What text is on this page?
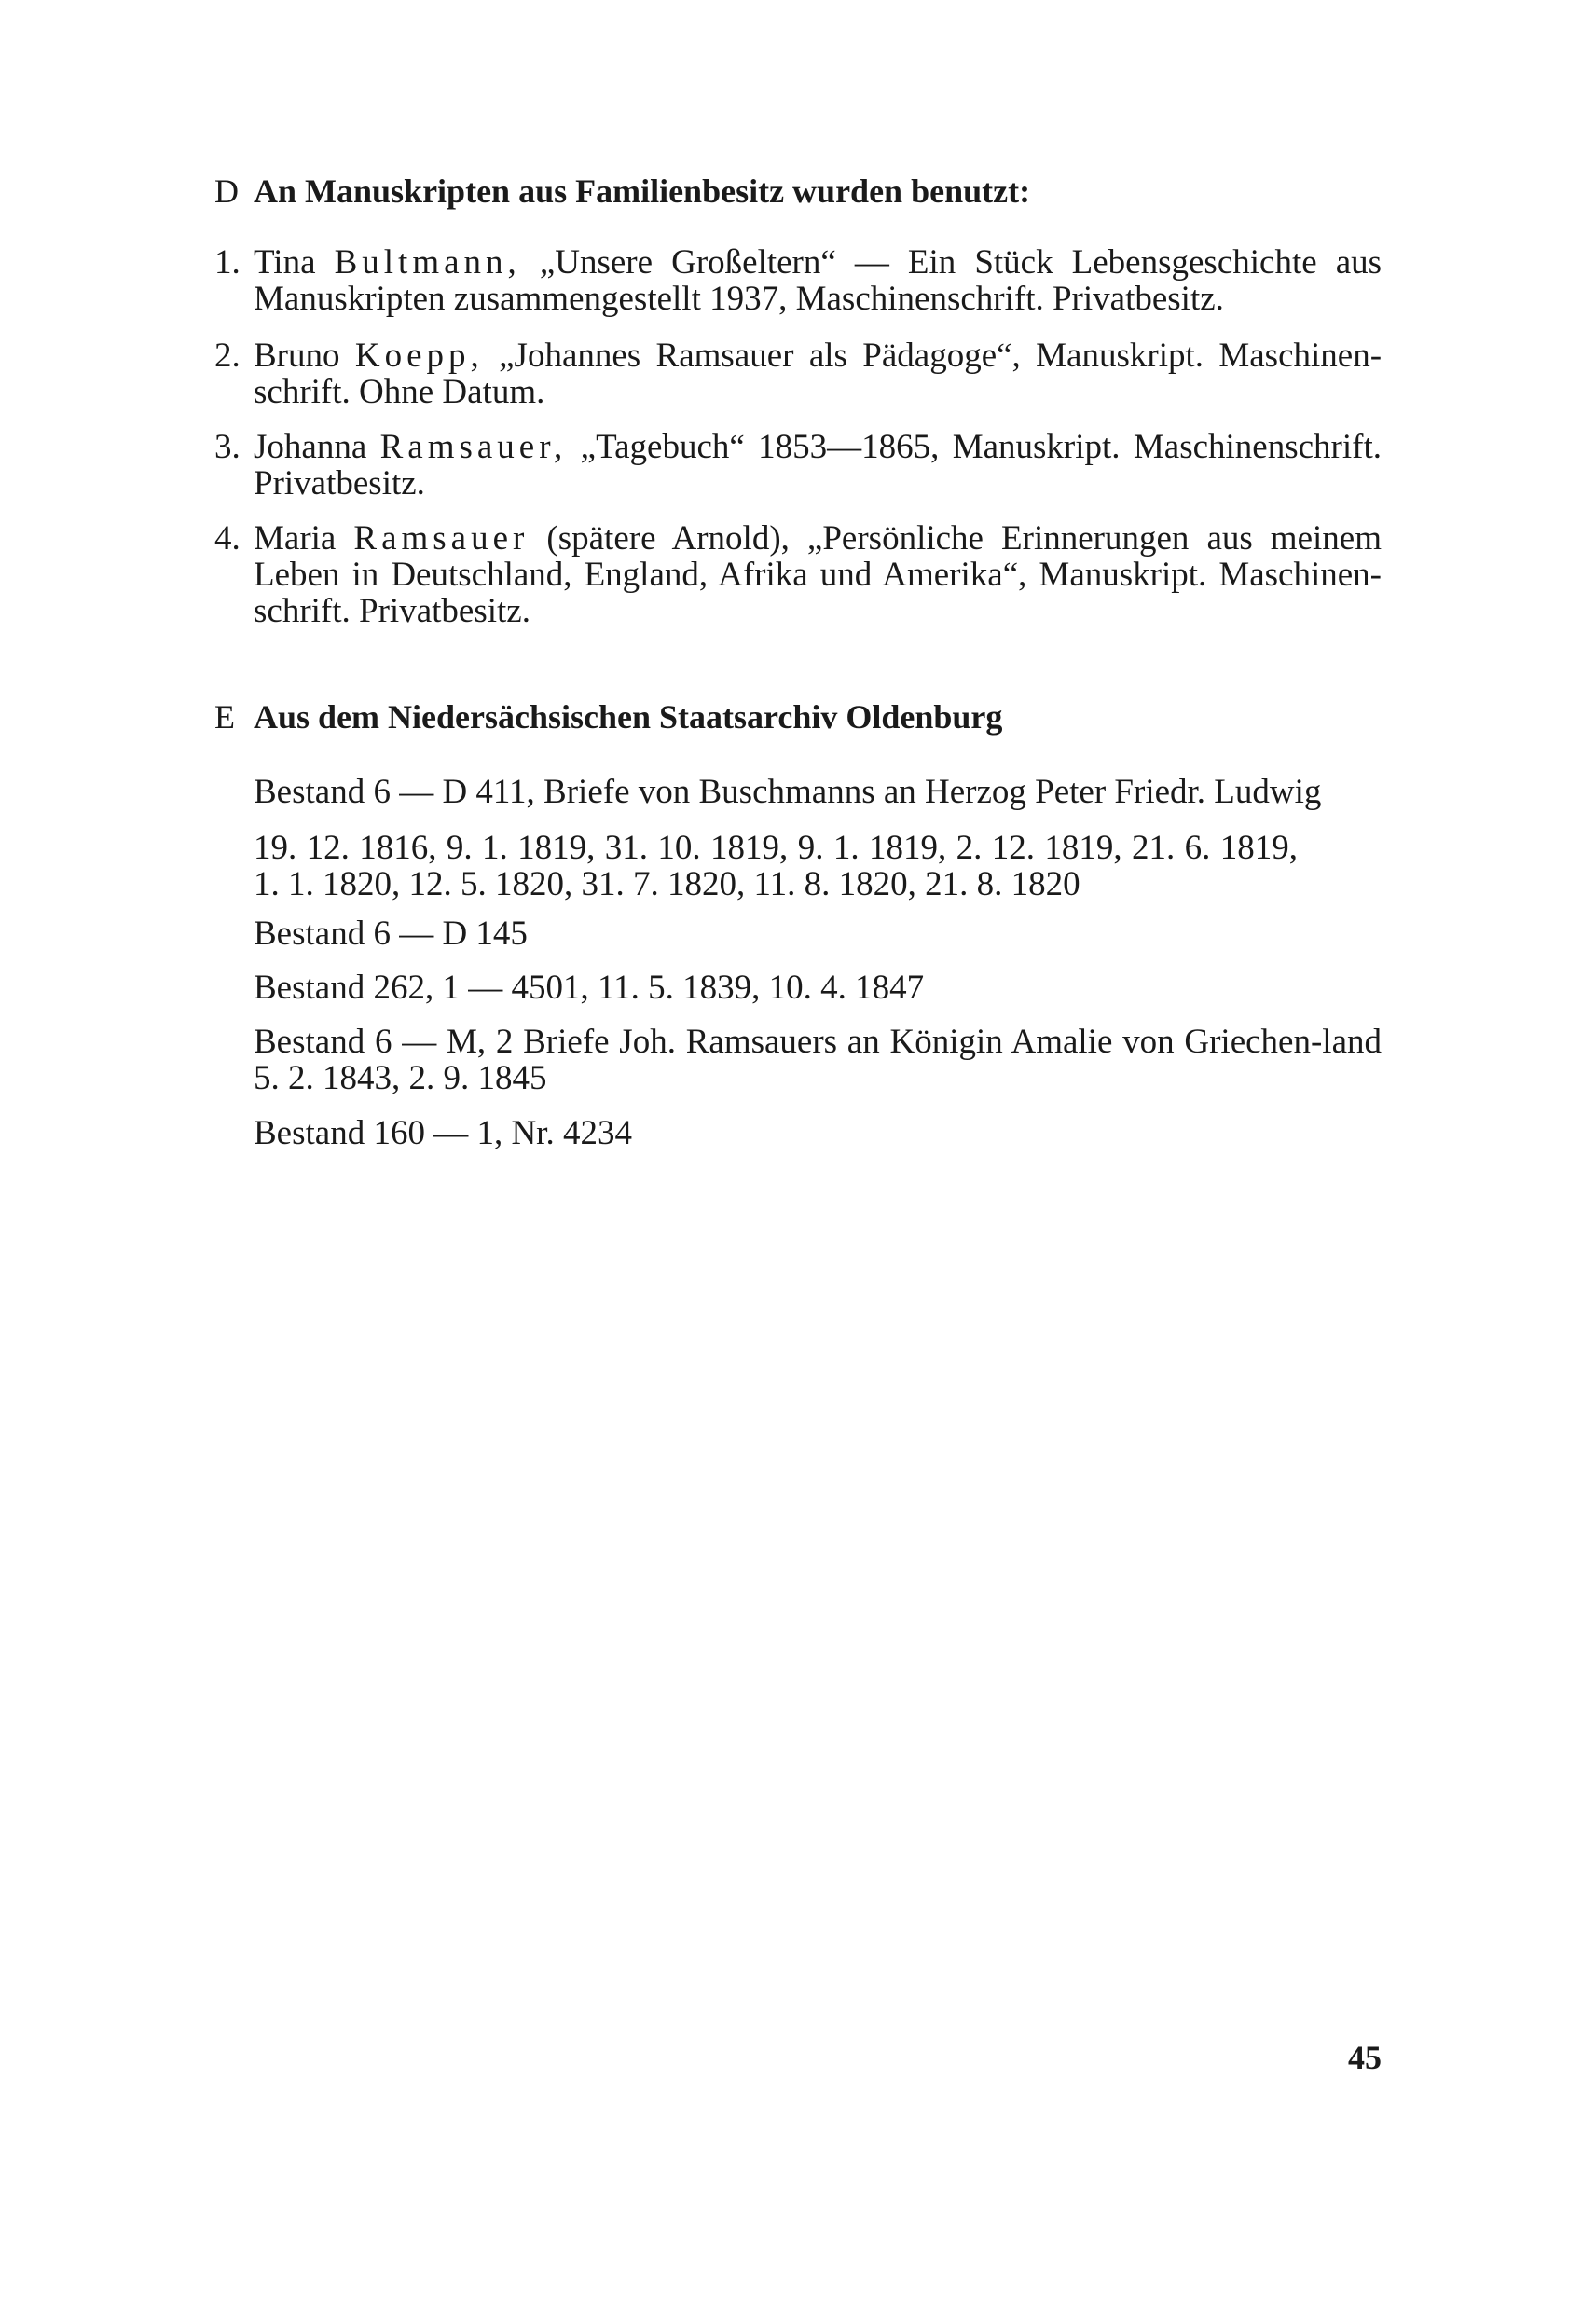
D An Manuskripten aus Familienbesitz wurden benutzt:
1. Tina Bultmann, „Unsere Großeltern“ — Ein Stück Lebensgeschichte aus Manuskripten zusammengestellt 1937, Maschinenschrift. Privatbesitz.
2. Bruno Koepp, „Johannes Ramsauer als Pädagoge“, Manuskript. Maschinen-schrift. Ohne Datum.
3. Johanna Ramsauer, „Tagebuch“ 1853—1865, Manuskript. Maschinenschrift. Privatbesitz.
4. Maria Ramsauer (spätere Arnold), „Persönliche Erinnerungen aus meinem Leben in Deutschland, England, Afrika und Amerika“, Manuskript. Maschinen-schrift. Privatbesitz.
E Aus dem Niedersächsischen Staatsarchiv Oldenburg
Bestand 6 — D 411, Briefe von Buschmanns an Herzog Peter Friedr. Ludwig
19. 12. 1816, 9. 1. 1819, 31. 10. 1819, 9. 1. 1819, 2. 12. 1819, 21. 6. 1819, 1. 1. 1820, 12. 5. 1820, 31. 7. 1820, 11. 8. 1820, 21. 8. 1820
Bestand 6 — D 145
Bestand 262, 1 — 4501, 11. 5. 1839, 10. 4. 1847
Bestand 6 — M, 2 Briefe Joh. Ramsauers an Königin Amalie von Griechen-land 5. 2. 1843, 2. 9. 1845
Bestand 160 — 1, Nr. 4234
45
